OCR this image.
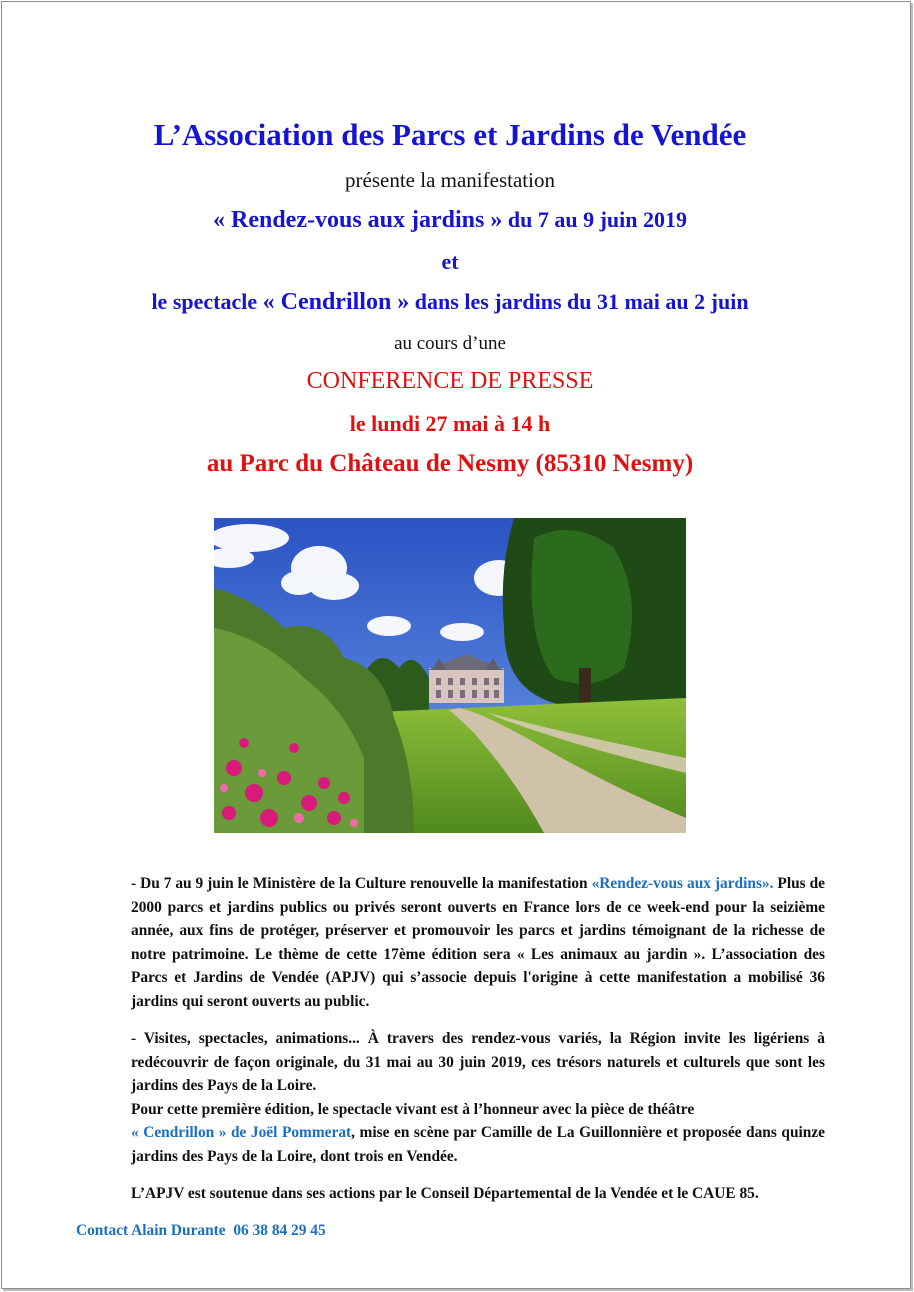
L’Association des Parcs et Jardins de Vendée
présente la manifestation
« Rendez-vous aux jardins » du 7 au 9 juin 2019
et
le spectacle « Cendrillon » dans les jardins du 31 mai au 2 juin
au cours d’une
CONFERENCE DE PRESSE
le lundi 27 mai à 14 h
au Parc du Château de Nesmy (85310 Nesmy)
- Du 7 au 9 juin le Ministère de la Culture renouvelle la manifestation «Rendez-vous aux jardins». Plus de 2000 parcs et jardins publics ou privés seront ouverts en France lors de ce week-end pour la seizième année, aux fins de protéger, préserver et promouvoir les parcs et jardins témoignant de la richesse de notre patrimoine. Le thème de cette 17ème édition sera « Les animaux au jardin ». L’association des Parcs et Jardins de Vendée (APJV) qui s’associe depuis l'origine à cette manifestation a mobilisé 36 jardins qui seront ouverts au public.
- Visites, spectacles, animations... À travers des rendez-vous variés, la Région invite les ligériens à redécouvrir de façon originale, du 31 mai au 30 juin 2019, ces trésors naturels et culturels que sont les jardins des Pays de la Loire.
Pour cette première édition, le spectacle vivant est à l’honneur avec la pièce de théâtre
« Cendrillon » de Joël Pommerat, mise en scène par Camille de La Guillonnière et proposée dans quinze jardins des Pays de la Loire, dont trois en Vendée.
L’APJV est soutenue dans ses actions par le Conseil Départemental de la Vendée et le CAUE 85.
Contact Alain Durante 06 38 84 29 45
